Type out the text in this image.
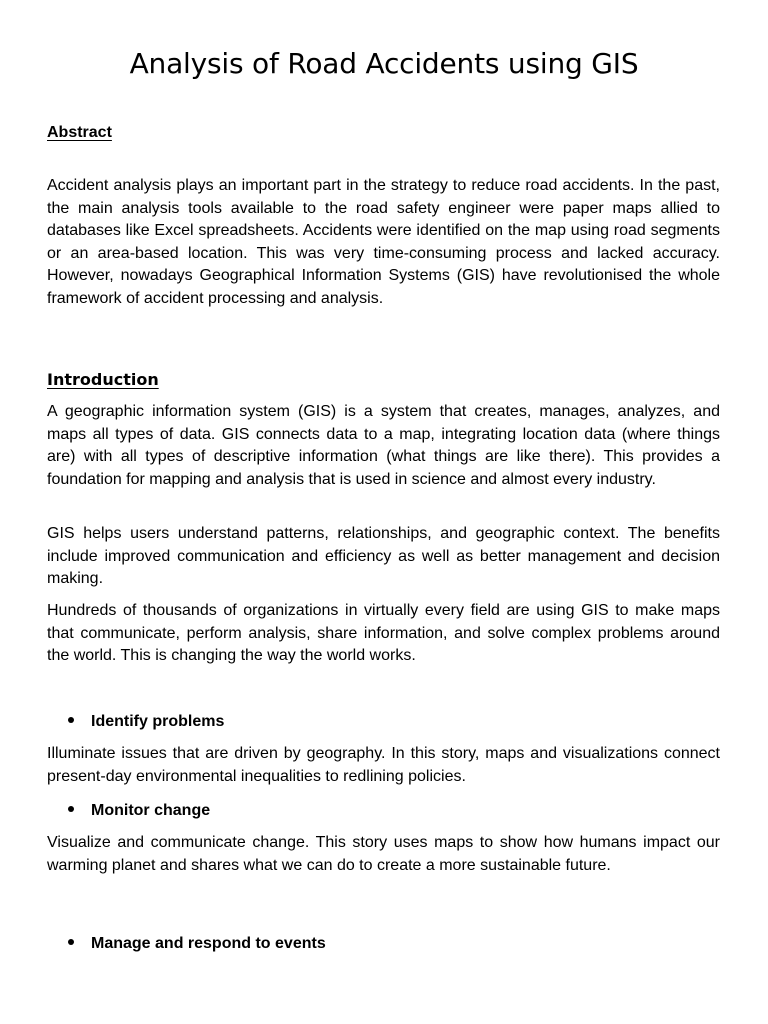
Analysis of Road Accidents using GIS
Abstract

Accident analysis plays an important part in the strategy to reduce road accidents. In the past, the main analysis tools available to the road safety engineer were paper maps allied to databases like Excel spreadsheets. Accidents were identified on the map using road segments or an area-based location. This was very time-consuming process and lacked accuracy. However, nowadays Geographical Information Systems (GIS) have revolutionised the whole framework of accident processing and analysis.

Introduction

A geographic information system (GIS) is a system that creates, manages, analyzes, and maps all types of data. GIS connects data to a map, integrating location data (where things are) with all types of descriptive information (what things are like there). This provides a foundation for mapping and analysis that is used in science and almost every industry.

GIS helps users understand patterns, relationships, and geographic context. The benefits include improved communication and efficiency as well as better management and decision making.

Hundreds of thousands of organizations in virtually every field are using GIS to make maps that communicate, perform analysis, share information, and solve complex problems around the world. This is changing the way the world works.

Identify problems

Illuminate issues that are driven by geography. In this story, maps and visualizations connect present-day environmental inequalities to redlining policies.

Monitor change

Visualize and communicate change. This story uses maps to show how humans impact our warming planet and shares what we can do to create a more sustainable future.

Manage and respond to events
